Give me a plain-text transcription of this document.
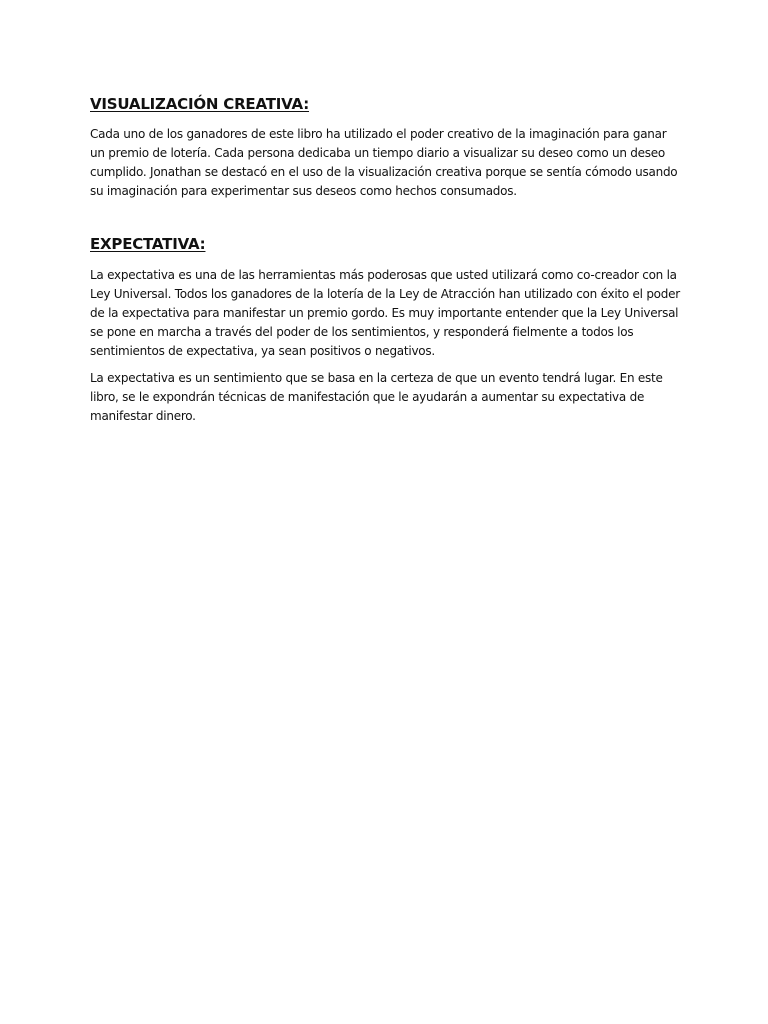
VISUALIZACIÓN CREATIVA:

Cada uno de los ganadores de este libro ha utilizado el poder creativo de la imaginación para ganar un premio de lotería. Cada persona dedicaba un tiempo diario a visualizar su deseo como un deseo cumplido. Jonathan se destacó en el uso de la visualización creativa porque se sentía cómodo usando su imaginación para experimentar sus deseos como hechos consumados.

EXPECTATIVA:

La expectativa es una de las herramientas más poderosas que usted utilizará como co-creador con la Ley Universal. Todos los ganadores de la lotería de la Ley de Atracción han utilizado con éxito el poder de la expectativa para manifestar un premio gordo. Es muy importante entender que la Ley Universal se pone en marcha a través del poder de los sentimientos, y responderá fielmente a todos los sentimientos de expectativa, ya sean positivos o negativos.

La expectativa es un sentimiento que se basa en la certeza de que un evento tendrá lugar. En este libro, se le expondrán técnicas de manifestación que le ayudarán a aumentar su expectativa de manifestar dinero.
